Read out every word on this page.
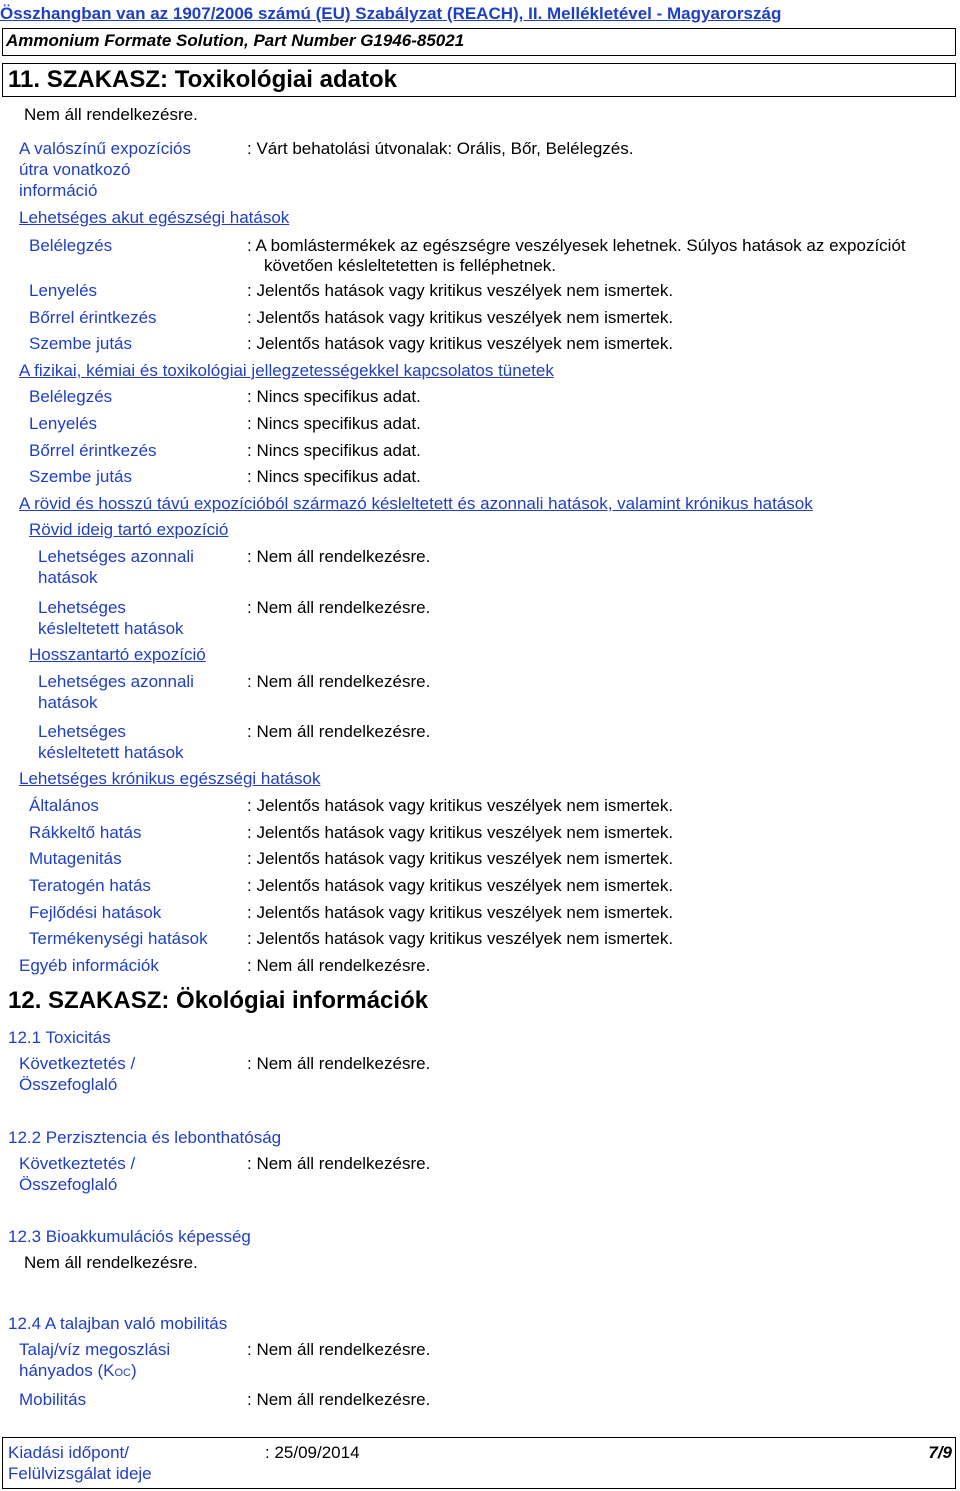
Összhangban van az 1907/2006 számú (EU) Szabályzat (REACH), II. Mellékletével - Magyarország
Ammonium Formate Solution, Part Number G1946-85021
11. SZAKASZ: Toxikológiai adatok
Nem áll rendelkezésre.
A valószínű expozíciós
útra vonatkozó
információ
: Várt behatolási útvonalak: Orális, Bőr, Belélegzés.
Lehetséges akut egészségi hatások
Belélegzés	: A bomlástermékek az egészségre veszélyesek lehetnek. Súlyos hatások az expozíciót
követően késleltetetten is felléphetnek.
Lenyelés	: Jelentős hatások vagy kritikus veszélyek nem ismertek.
Bőrrel érintkezés	: Jelentős hatások vagy kritikus veszélyek nem ismertek.
Szembe jutás	: Jelentős hatások vagy kritikus veszélyek nem ismertek.
A fizikai, kémiai és toxikológiai jellegzetességekkel kapcsolatos tünetek
Belélegzés	: Nincs specifikus adat.
Lenyelés	: Nincs specifikus adat.
Bőrrel érintkezés	: Nincs specifikus adat.
Szembe jutás	: Nincs specifikus adat.
A rövid és hosszú távú expozícióból származó késleltetett és azonnali hatások, valamint krónikus hatások
Rövid ideig tartó expozíció
Lehetséges azonnali
hatások
: Nem áll rendelkezésre.
Lehetséges
késleltetett hatások
: Nem áll rendelkezésre.
Hosszantartó expozíció
Lehetséges azonnali
hatások
: Nem áll rendelkezésre.
Lehetséges
késleltetett hatások
: Nem áll rendelkezésre.
Lehetséges krónikus egészségi hatások
Általános	: Jelentős hatások vagy kritikus veszélyek nem ismertek.
Rákkeltő hatás	: Jelentős hatások vagy kritikus veszélyek nem ismertek.
Mutagenitás	: Jelentős hatások vagy kritikus veszélyek nem ismertek.
Teratogén hatás	: Jelentős hatások vagy kritikus veszélyek nem ismertek.
Fejlődési hatások	: Jelentős hatások vagy kritikus veszélyek nem ismertek.
Termékenységi hatások : Jelentős hatások vagy kritikus veszélyek nem ismertek.
Egyéb információk	: Nem áll rendelkezésre.
12. SZAKASZ: Ökológiai információk
12.1 Toxicitás
Következtetés /
Összefoglaló
: Nem áll rendelkezésre.
12.2 Perzisztencia és lebonthatóság
Következtetés /
Összefoglaló
: Nem áll rendelkezésre.
12.3 Bioakkumulációs képesség
Nem áll rendelkezésre.
12.4 A talajban való mobilitás
Talaj/víz megoszlási
hányados (KOC)
: Nem áll rendelkezésre.
Mobilitás	: Nem áll rendelkezésre.
Kiadási időpont/
Felülvizsgálat ideje
: 25/09/2014	7/9
